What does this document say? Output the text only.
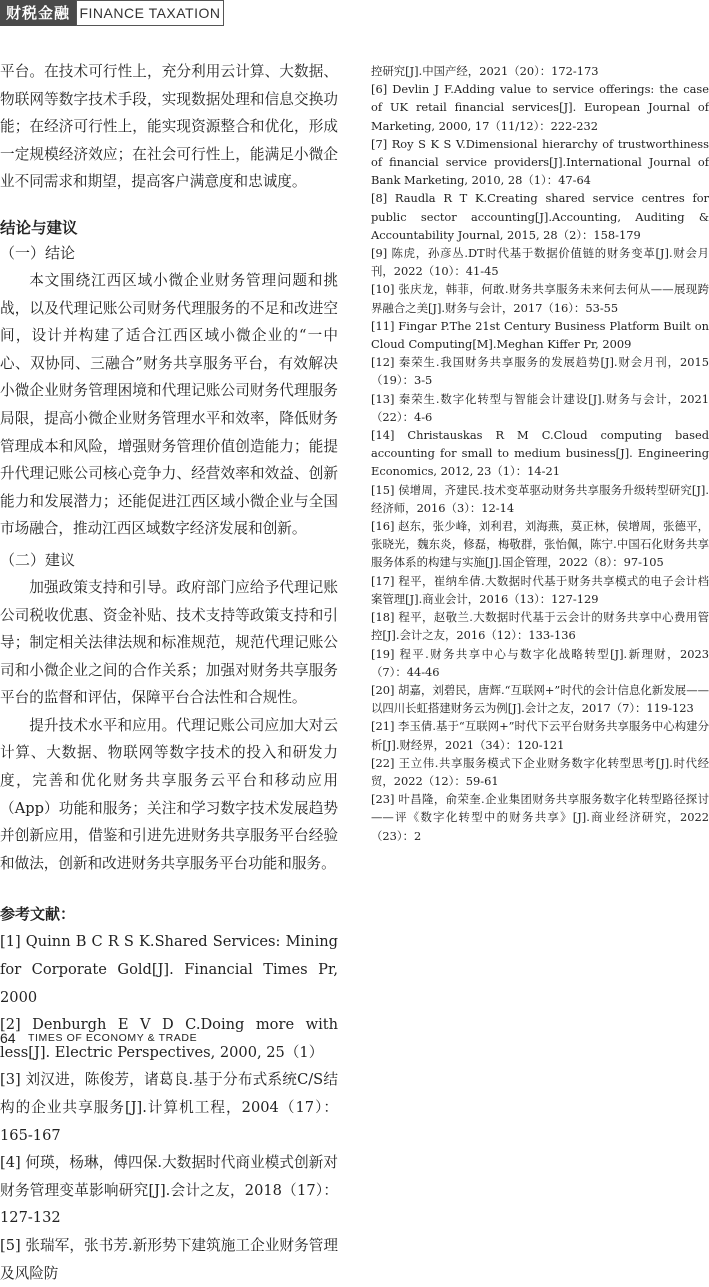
财税金融 FINANCE TAXATION

平台。在技术可行性上，充分利用云计算、大数据、物联网等数字技术手段，实现数据处理和信息交换功能；在经济可行性上，能实现资源整合和优化，形成一定规模经济效应；在社会可行性上，能满足小微企业不同需求和期望，提高客户满意度和忠诚度。

结论与建议
（一）结论

本文围绕江西区域小微企业财务管理问题和挑战，以及代理记账公司财务代理服务的不足和改进空间，设计并构建了适合江西区域小微企业的“一中心、双协同、三融合”财务共享服务平台，有效解决小微企业财务管理困境和代理记账公司财务代理服务局限，提高小微企业财务管理水平和效率，降低财务管理成本和风险，增强财务管理价值创造能力；能提升代理记账公司核心竞争力、经营效率和效益、创新能力和发展潜力；还能促进江西区域小微企业与全国市场融合，推动江西区域数字经济发展和创新。

（二）建议

加强政策支持和引导。政府部门应给予代理记账公司税收优惠、资金补贴、技术支持等政策支持和引导；制定相关法律法规和标准规范，规范代理记账公司和小微企业之间的合作关系；加强对财务共享服务平台的监督和评估，保障平台合法性和合规性。

提升技术水平和应用。代理记账公司应加大对云计算、大数据、物联网等数字技术的投入和研发力度，完善和优化财务共享服务云平台和移动应用（App）功能和服务；关注和学习数字技术发展趋势并创新应用，借鉴和引进先进财务共享服务平台经验和做法，创新和改进财务共享服务平台功能和服务。

参考文献：

[1] Quinn B C R S K.Shared Services: Mining for Corporate Gold[J]. Financial Times Pr, 2000

[2] Denburgh E V D C.Doing more with less[J]. Electric Perspectives, 2000, 25（1）

[3] 刘汉进，陈俊芳，诸葛良.基于分布式系统C/S结构的企业共享服务[J].计算机工程，2004（17）：165-167

[4] 何瑛，杨琳，傅四保.大数据时代商业模式创新对财务管理变革影响研究[J].会计之友，2018（17）：127-132

[5] 张瑞军，张书芳.新形势下建筑施工企业财务管理及风险防

控研究[J].中国产经，2021（20）：172-173

[6] Devlin J F.Adding value to service offerings: the case of UK retail financial services[J]. European Journal of Marketing, 2000, 17（11/12）：222-232

[7] Roy S K S V.Dimensional hierarchy of trustworthiness of financial service providers[J].International Journal of Bank Marketing, 2010, 28（1）：47-64

[8] Raudla R T K.Creating shared service centres for public sector accounting[J].Accounting, Auditing & Accountability Journal, 2015, 28（2）：158-179

[9] 陈虎，孙彦丛.DT时代基于数据价值链的财务变革[J].财会月刊，2022（10）：41-45

[10] 张庆龙，韩菲，何敢.财务共享服务未来何去何从——展现跨界融合之美[J].财务与会计，2017（16）：53-55

[11] Fingar P.The 21st Century Business Platform Built on Cloud Computing[M].Meghan Kiffer Pr, 2009

[12] 秦荣生.我国财务共享服务的发展趋势[J].财会月刊，2015（19）：3-5

[13] 秦荣生.数字化转型与智能会计建设[J].财务与会计，2021（22）：4-6

[14] Christauskas R M C.Cloud computing based accounting for small to medium business[J]. Engineering Economics, 2012, 23（1）：14-21

[15] 侯增周，齐建民.技术变革驱动财务共享服务升级转型研究[J].经济师，2016（3）：12-14

[16] 赵东，张少峰，刘利君，刘海燕，莫正林，侯增周，张德平，张晓光，魏东炎，修磊，梅敬群，张怡佩，陈宁.中国石化财务共享服务体系的构建与实施[J].国企管理，2022（8）：97-105

[17] 程平，崔纳牟倩.大数据时代基于财务共享模式的电子会计档案管理[J].商业会计，2016（13）：127-129

[18] 程平，赵敬兰.大数据时代基于云会计的财务共享中心费用管控[J].会计之友，2016（12）：133-136

[19] 程平.财务共享中心与数字化战略转型[J].新理财，2023（7）：44-46

[20] 胡嘉，刘碧民，唐辉.“互联网+”时代的会计信息化新发展——以四川长虹搭建财务云为例[J].会计之友，2017（7）：119-123

[21] 李玉倩.基于“互联网+”时代下云平台财务共享服务中心构建分析[J].财经界，2021（34）：120-121

[22] 王立伟.共享服务模式下企业财务数字化转型思考[J].时代经贸，2022（12）：59-61

[23] 叶昌隆，俞荣奎.企业集团财务共享服务数字化转型路径探讨——评《数字化转型中的财务共享》[J].商业经济研究，2022（23）：2

64 TIMES OF ECONOMY & TRADE
